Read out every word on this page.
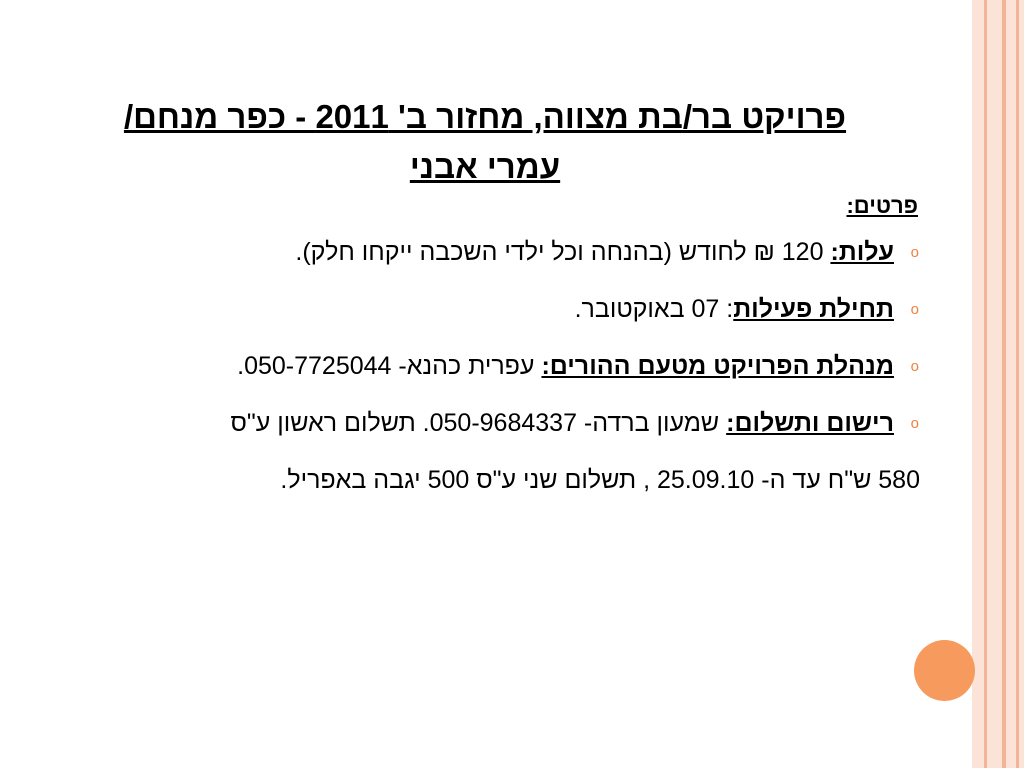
פרויקט בר/בת מצווה, מחזור ב' 2011 - כפר מנחם/
עמרי אבני
פרטים:
o
עלות: 120 ₪ לחודש (בהנחה וכל ילדי השכבה ייקחו חלק).
o
תחילת פעילות: 07 באוקטובר.
o
מנהלת הפרויקט מטעם ההורים: עפרית כהנא- 050-7725044.
o
רישום ותשלום: שמעון ברדה- 050-9684337. תשלום ראשון ע"ס
580 ש"ח עד ה- 25.09.10 , תשלום שני ע"ס 500 יגבה באפריל.
